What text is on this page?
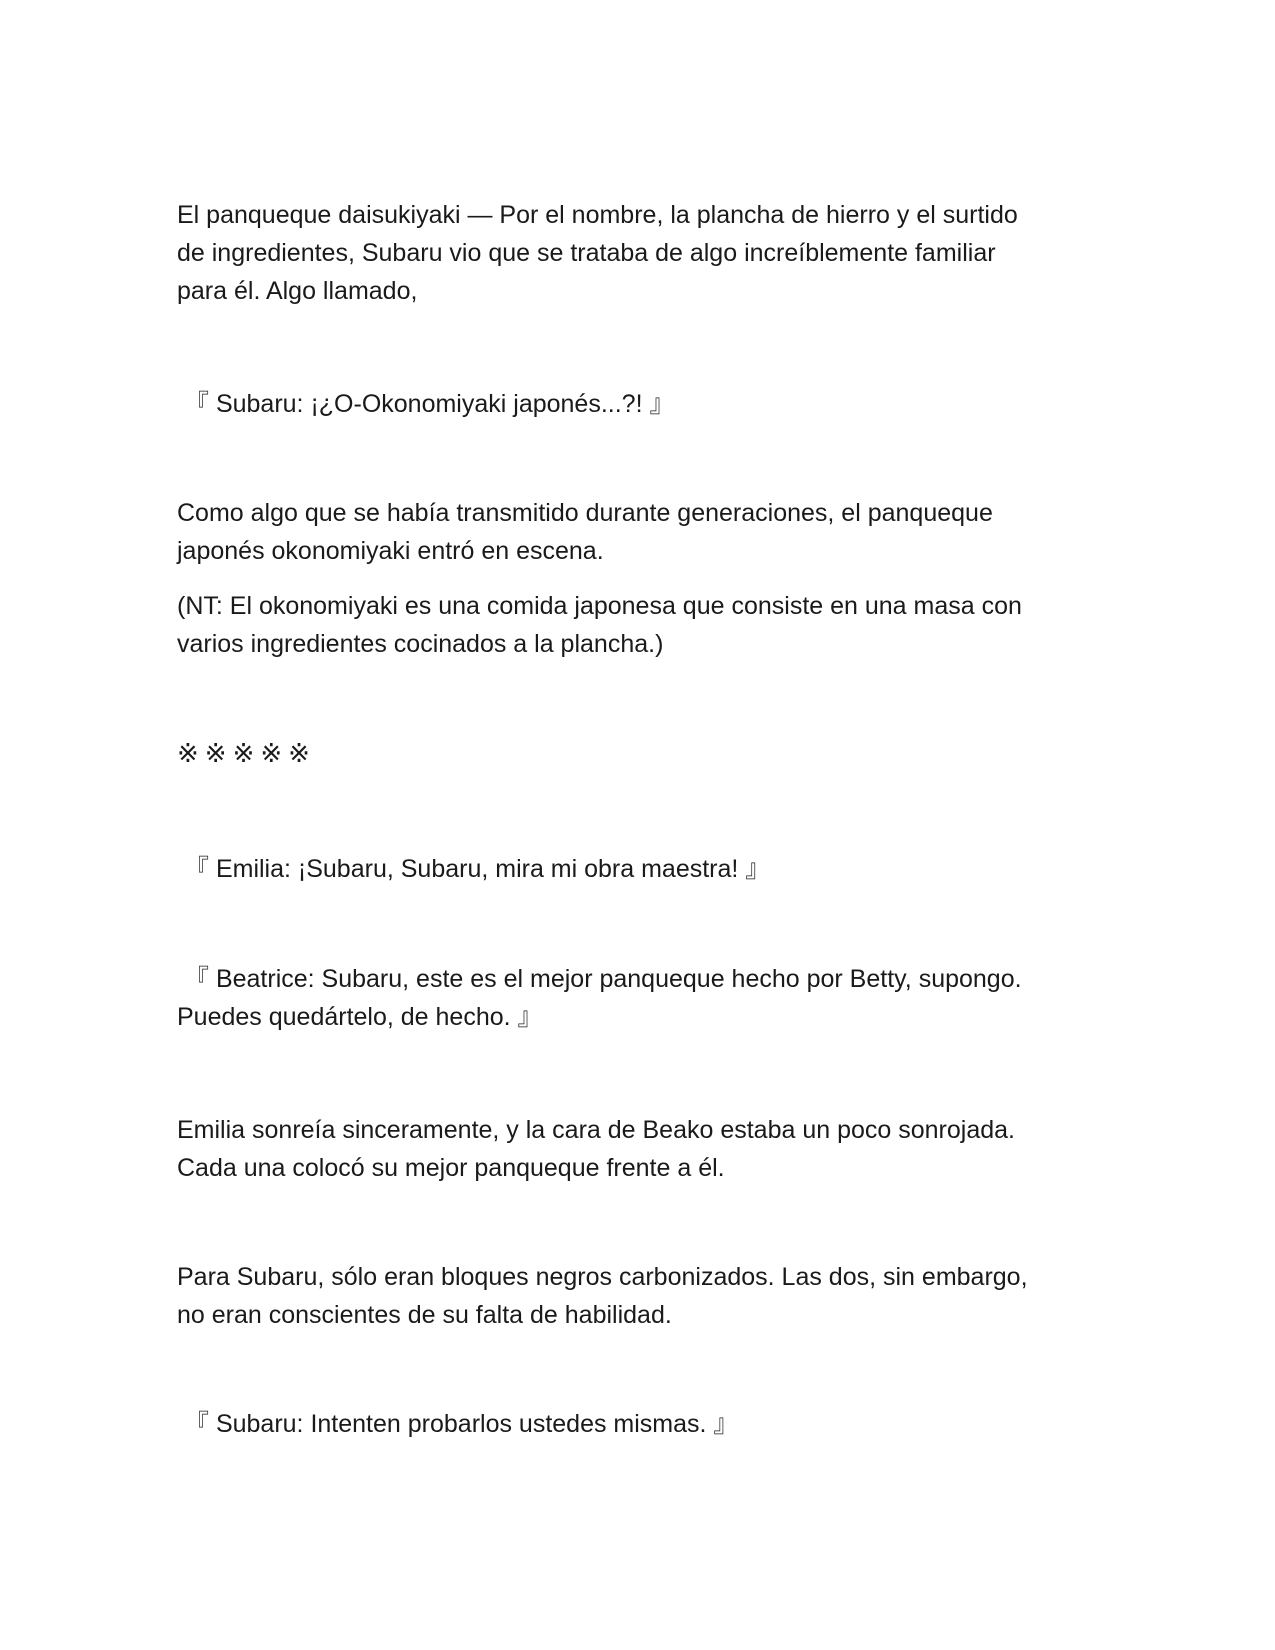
El panqueque daisukiyaki — Por el nombre, la plancha de hierro y el surtido
de ingredientes, Subaru vio que se trataba de algo increíblemente familiar
para él. Algo llamado,

『 Subaru: ¡¿O-Okonomiyaki japonés...?! 』

Como algo que se había transmitido durante generaciones, el panqueque
japonés okonomiyaki entró en escena.

(NT: El okonomiyaki es una comida japonesa que consiste en una masa con
varios ingredientes cocinados a la plancha.)

※※※※※

『 Emilia: ¡Subaru, Subaru, mira mi obra maestra! 』

『 Beatrice: Subaru, este es el mejor panqueque hecho por Betty, supongo.
Puedes quedártelo, de hecho. 』

Emilia sonreía sinceramente, y la cara de Beako estaba un poco sonrojada.
Cada una colocó su mejor panqueque frente a él.

Para Subaru, sólo eran bloques negros carbonizados. Las dos, sin embargo,
no eran conscientes de su falta de habilidad.

『 Subaru: Intenten probarlos ustedes mismas. 』
